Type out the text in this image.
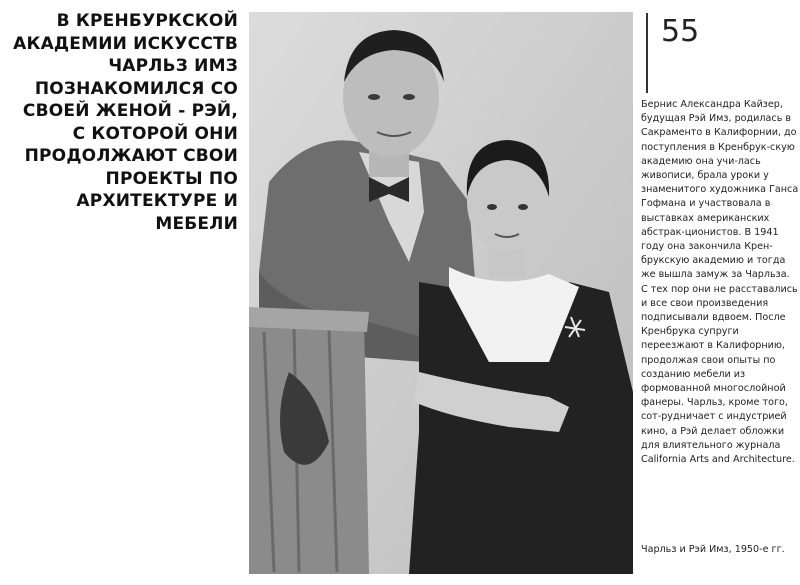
В КРЕНБУРКСКОЙ АКАДЕМИИ ИСКУССТВ ЧАРЛЬЗ ИМЗ ПОЗНАКОМИЛСЯ СО СВОЕЙ ЖЕНОЙ - РЭЙ, С КОТОРОЙ ОНИ ПРОДОЛЖАЮТ СВОИ ПРОЕКТЫ ПО АРХИТЕКТУРЕ И МЕБЕЛИ
55
Бернис Александра Кайзер, будущая Рэй Имз, родилась в Сакраменто в Калифорнии, до поступления в Кренбрук-скую академию она учи-лась живописи, брала уроки у знаменитого художника Ганса Гофмана и участвовала в выставках американских абстрак-ционистов. В 1941 году она закончила Крен-брукскую академию и тогда же вышла замуж за Чарльза. С тех пор они не расставались и все свои произведения подписывали вдвоем. После Кренбрука супруги переезжают в Калифорнию, продолжая свои опыты по созданию мебели из формованной многослойной фанеры. Чарльз, кроме того, сот-рудничает с индустрией кино, а Рэй делает обложки для влиятельного журнала California Arts and Architecture.
Чарльз и Рэй Имз, 1950-е гг.
